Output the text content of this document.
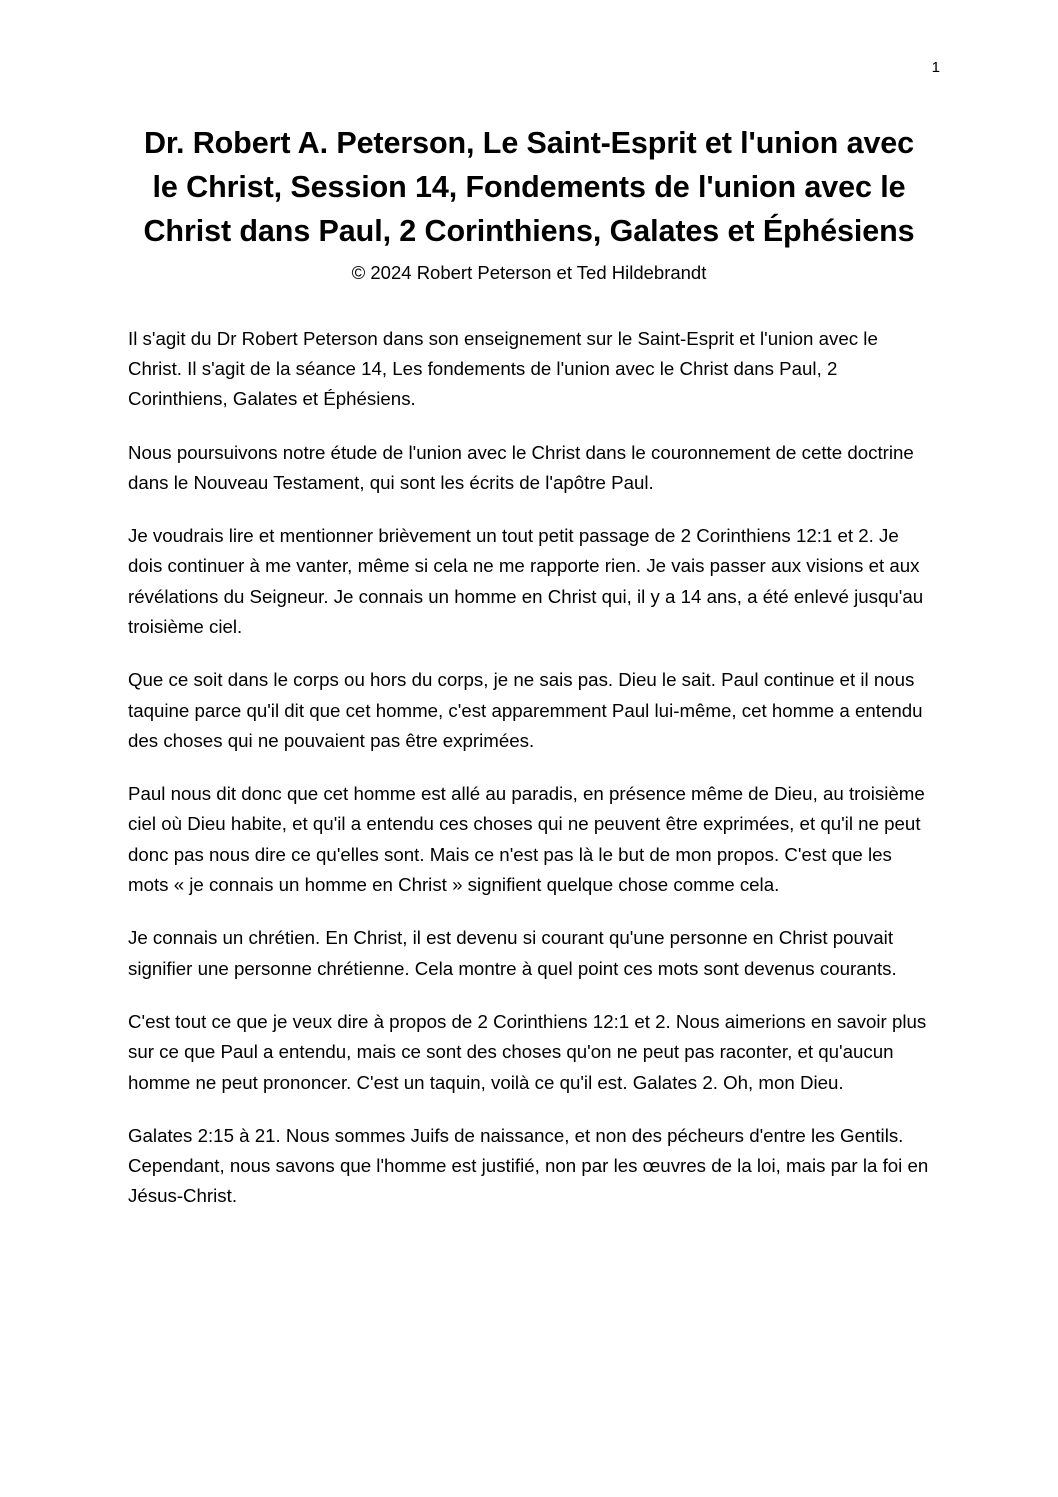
1
Dr. Robert A. Peterson, Le Saint-Esprit et l'union avec le Christ, Session 14, Fondements de l'union avec le Christ dans Paul, 2 Corinthiens, Galates et Éphésiens

© 2024 Robert Peterson et Ted Hildebrandt

Il s'agit du Dr Robert Peterson dans son enseignement sur le Saint-Esprit et l'union avec le Christ. Il s'agit de la séance 14, Les fondements de l'union avec le Christ dans Paul, 2 Corinthiens, Galates et Éphésiens.

Nous poursuivons notre étude de l'union avec le Christ dans le couronnement de cette doctrine dans le Nouveau Testament, qui sont les écrits de l'apôtre Paul.

Je voudrais lire et mentionner brièvement un tout petit passage de 2 Corinthiens 12:1 et 2. Je dois continuer à me vanter, même si cela ne me rapporte rien. Je vais passer aux visions et aux révélations du Seigneur. Je connais un homme en Christ qui, il y a 14 ans, a été enlevé jusqu'au troisième ciel.

Que ce soit dans le corps ou hors du corps, je ne sais pas. Dieu le sait. Paul continue et il nous taquine parce qu'il dit que cet homme, c'est apparemment Paul lui-même, cet homme a entendu des choses qui ne pouvaient pas être exprimées.

Paul nous dit donc que cet homme est allé au paradis, en présence même de Dieu, au troisième ciel où Dieu habite, et qu'il a entendu ces choses qui ne peuvent être exprimées, et qu'il ne peut donc pas nous dire ce qu'elles sont. Mais ce n'est pas là le but de mon propos. C'est que les mots « je connais un homme en Christ » signifient quelque chose comme cela.

Je connais un chrétien. En Christ, il est devenu si courant qu'une personne en Christ pouvait signifier une personne chrétienne. Cela montre à quel point ces mots sont devenus courants.

C'est tout ce que je veux dire à propos de 2 Corinthiens 12:1 et 2. Nous aimerions en savoir plus sur ce que Paul a entendu, mais ce sont des choses qu'on ne peut pas raconter, et qu'aucun homme ne peut prononcer. C'est un taquin, voilà ce qu'il est. Galates 2. Oh, mon Dieu.

Galates 2:15 à 21. Nous sommes Juifs de naissance, et non des pécheurs d'entre les Gentils. Cependant, nous savons que l'homme est justifié, non par les œuvres de la loi, mais par la foi en Jésus-Christ.
